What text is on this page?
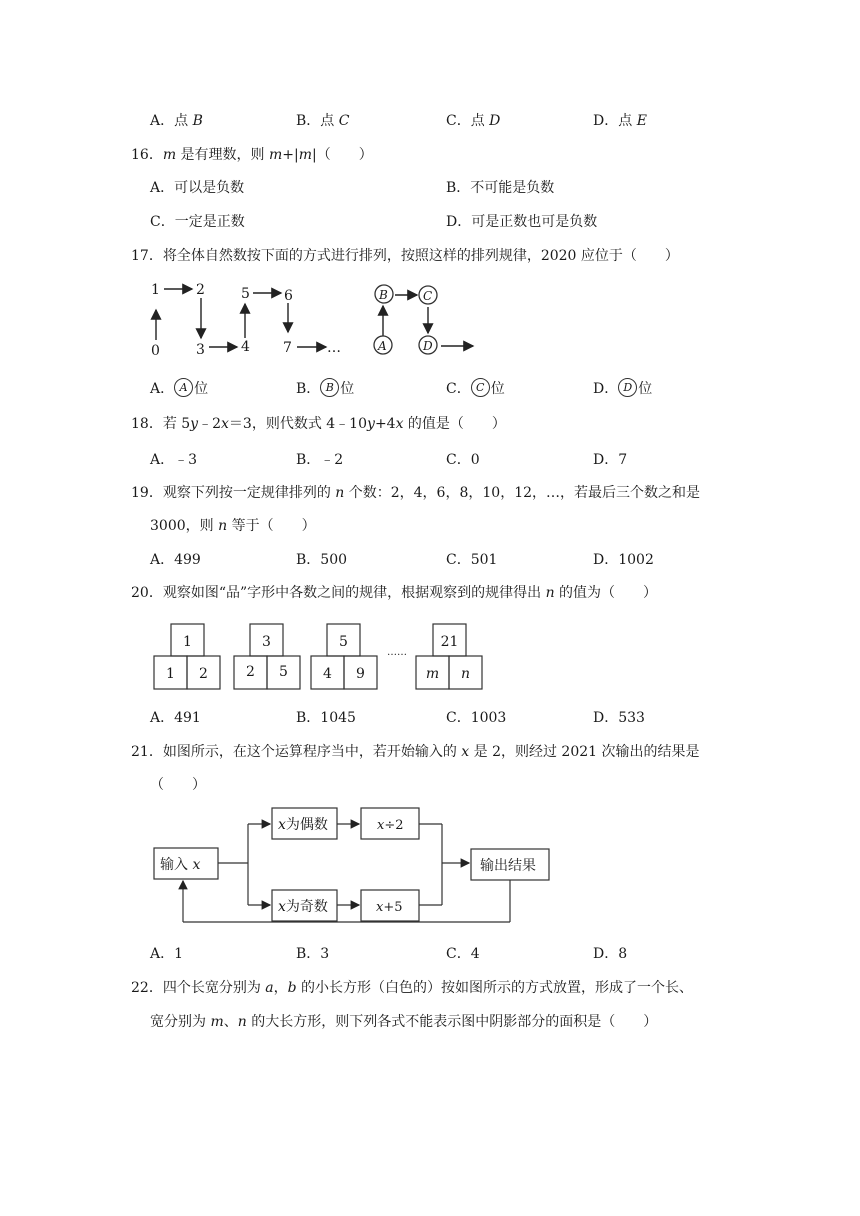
A．点 B	B．点 C	C．点 D	D．点 E
16．m 是有理数，则 m+|m|（　　）
A．可以是负数	B．不可能是负数
C．一定是正数	D．可是正数也可是负数
17．将全体自然数按下面的方式进行排列，按照这样的排列规律，2020 应位于（　　）
0
1	2
3	4
5 6
7	…	A
B	C
D
A． A 位	B． B 位	C． C 位	D． D 位
18．若 5y﹣2x＝3，则代数式 4﹣10y+4x 的值是（　　）
A．﹣3	B．﹣2	C．0	D．7
19．观察下列按一定规律排列的 n 个数：2，4，6，8，10，12，…，若最后三个数之和是
3000，则 n 等于（　　）
A．499	B．500	C．501	D．1002
20．观察如图“品”字形中各数之间的规律，根据观察到的规律得出 n 的值为（　　）
1
1 2
3
2 5
5
4 9
21
m n
……
A．491	B．1045	C．1003	D．533
21．如图所示，在这个运算程序当中，若开始输入的 x 是 2，则经过 2021 次输出的结果是
（　　）
输入 x
x为偶数	x÷2
x为奇数	x+5
输出结果
A．1	B．3	C．4	D．8
22．四个长宽分别为 a，b 的小长方形（白色的）按如图所示的方式放置，形成了一个长、
宽分别为 m、n 的大长方形，则下列各式不能表示图中阴影部分的面积是（　　）
